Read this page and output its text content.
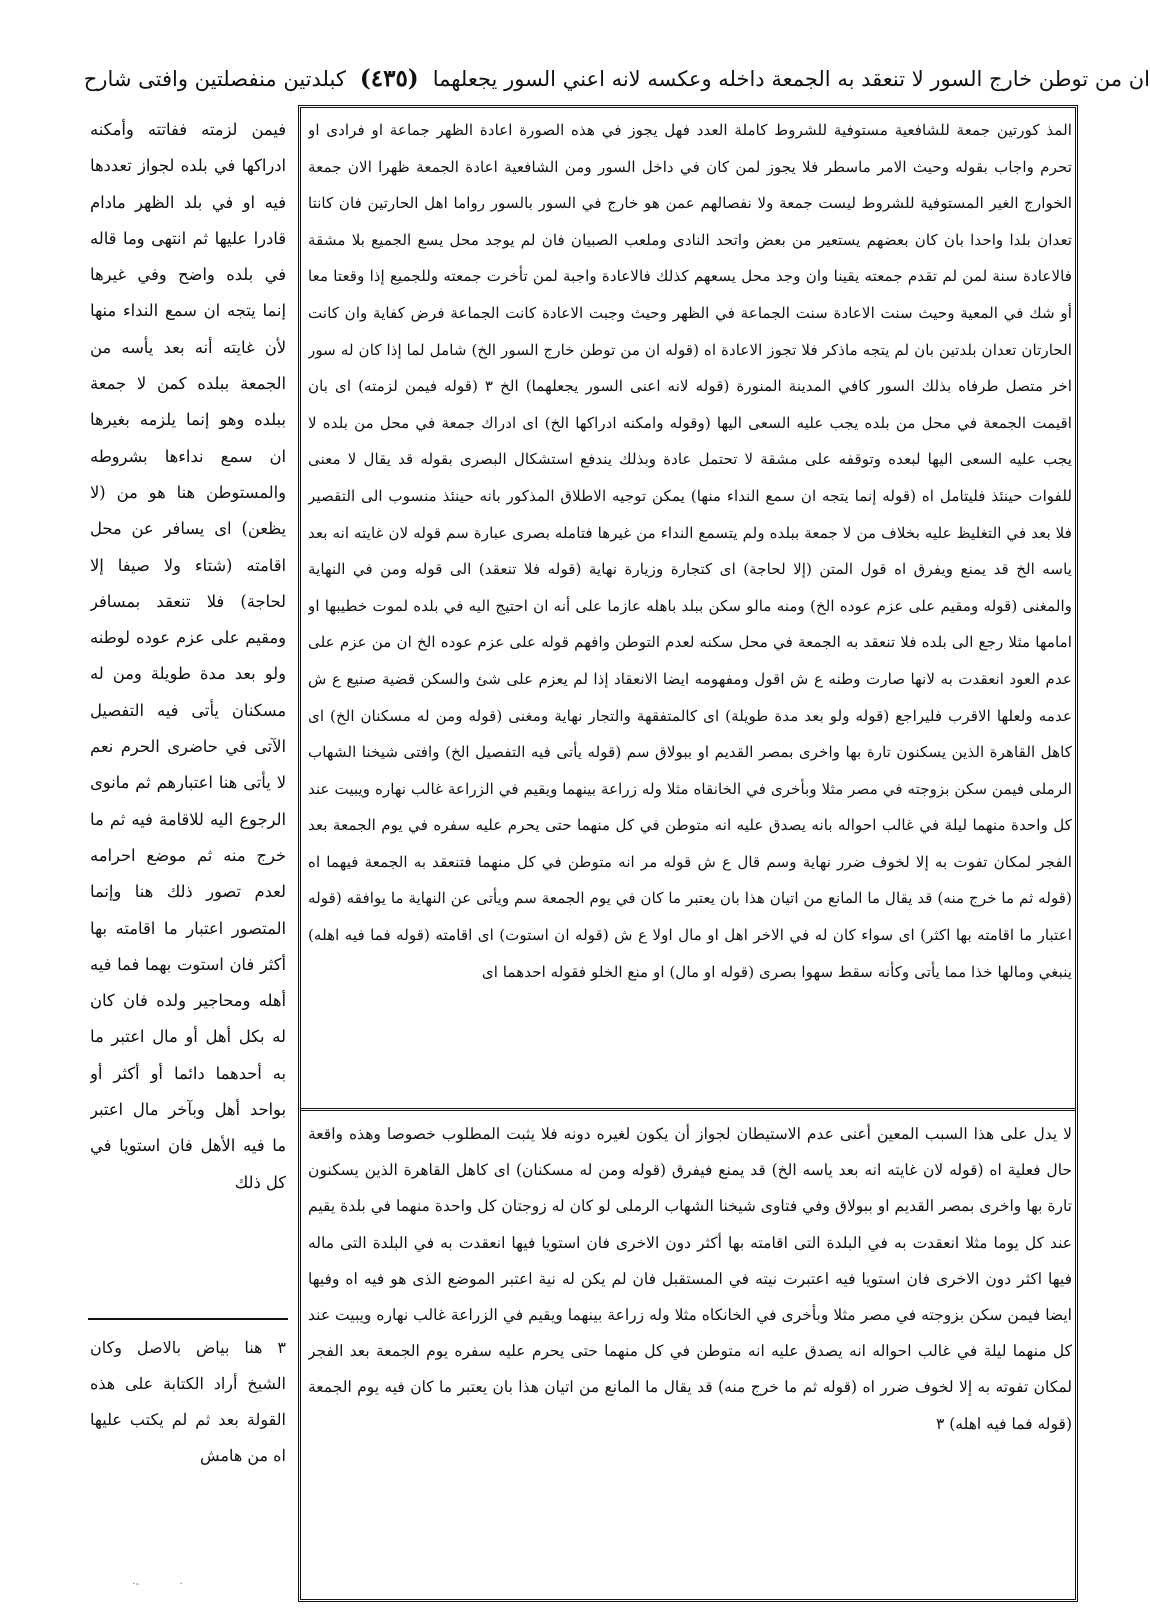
ان من توطن خارج السور لا تنعقد به الجمعة داخله وعكسه لانه اعني السور يجعلهما(٤٣٥)كبلدتين منفصلتين وافتى شارح
المذ كورتين جمعة للشافعية مستوفية للشروط كاملة العدد فهل يجوز في هذه الصورة اعادة الظهر جماعة او فرادى او تحرم واجاب بقوله وحيث الامر ماسطر فلا يجوز لمن كان في داخل السور ومن الشافعية اعادة الجمعة ظهرا الان جمعة الخوارج الغير المستوفية للشروط ليست جمعة ولا نفصالهم عمن هو خارج في السور بالسور رواما اهل الحارتين فان كانتا تعدان بلدا واحدا بان كان بعضهم يستعير من بعض واتحد النادى وملعب الصبيان فان لم يوجد محل يسع الجميع بلا مشقة فالاعادة سنة لمن لم تقدم جمعته يقينا وان وجد محل يسعهم كذلك فالاعادة واجبة لمن تأخرت جمعته وللجميع إذا وقعتا معا أو شك في المعية وحيث سنت الاعادة سنت الجماعة في الظهر وحيث وجبت الاعادة كانت الجماعة فرض كفاية وان كانت الحارتان تعدان بلدتين بان لم يتجه ماذكر فلا تجوز الاعادة اه (قوله ان من توطن خارج السور الخ) شامل لما إذا كان له سور اخر متصل طرفاه بذلك السور كافي المدينة المنورة (قوله لانه اعنى السور يجعلهما) الخ ٣ (قوله فيمن لزمته) اى بان اقيمت الجمعة في محل من بلده يجب عليه السعى اليها (وقوله وامكنه ادراكها الخ) اى ادراك جمعة في محل من بلده لا يجب عليه السعى اليها لبعده وتوقفه على مشقة لا تحتمل عادة وبذلك يندفع استشكال البصرى بقوله قد يقال لا معنى للفوات حينئذ فليتامل اه (قوله إنما يتجه ان سمع النداء منها) يمكن توجيه الاطلاق المذكور بانه حينئذ منسوب الى التقصير فلا بعد في التغليظ عليه بخلاف من لا جمعة ببلده ولم يتسمع النداء من غيرها فتامله بصرى عبارة سم قوله لان غايته انه بعد ياسه الخ قد يمنع ويفرق اه قول المتن (إلا لحاجة) اى كتجارة وزيارة نهاية (قوله فلا تنعقد) الى قوله ومن في النهاية والمغنى (قوله ومقيم على عزم عوده الخ) ومنه مالو سكن ببلد باهله عازما على أنه ان احتيج اليه في بلده لموت خطيبها او امامها مثلا رجع الى بلده فلا تنعقد به الجمعة في محل سكنه لعدم التوطن وافهم قوله على عزم عوده الخ ان من عزم على عدم العود انعقدت به لانها صارت وطنه ع ش اقول ومفهومه ايضا الانعقاد إذا لم يعزم على شئ والسكن قضية صنيع ع ش عدمه ولعلها الاقرب فليراجع (قوله ولو بعد مدة طويلة) اى كالمتفقهة والتجار نهاية ومغنى (قوله ومن له مسكنان الخ) اى كاهل القاهرة الذين يسكنون تارة بها واخرى بمصر القديم او ببولاق سم (قوله يأتى فيه التفصيل الخ) وافتى شيخنا الشهاب الرملى فيمن سكن بزوجته في مصر مثلا وبأخرى في الخانقاه مثلا وله زراعة بينهما ويقيم في الزراعة غالب نهاره ويبيت عند كل واحدة منهما ليلة في غالب احواله بانه يصدق عليه انه متوطن في كل منهما حتى يحرم عليه سفره في يوم الجمعة بعد الفجر لمكان تفوت به إلا لخوف ضرر نهاية وسم قال ع ش قوله مر انه متوطن في كل منهما فتنعقد به الجمعة فيهما اه (قوله ثم ما خرج منه) قد يقال ما المانع من اتيان هذا بان يعتبر ما كان في يوم الجمعة سم ويأتى عن النهاية ما يوافقه (قوله اعتبار ما اقامته بها اكثر) اى سواء كان له في الاخر اهل او مال اولا ع ش (قوله ان استوت) اى اقامته (قوله فما فيه اهله) ينبغي ومالها خذا مما يأتى وكأنه سقط سهوا بصرى (قوله او مال) او منع الخلو فقوله احدهما اى
لا يدل على هذا السبب المعين أعنى عدم الاستيطان لجواز أن يكون لغيره دونه فلا يثبت المطلوب خصوصا وهذه واقعة حال فعلية اه (قوله لان غايته انه بعد ياسه الخ) قد يمنع فيفرق (قوله ومن له مسكنان) اى كاهل القاهرة الذين يسكنون تارة بها واخرى بمصر القديم او ببولاق وفي فتاوى شيخنا الشهاب الرملى لو كان له زوجتان كل واحدة منهما في بلدة يقيم عند كل يوما مثلا انعقدت به في البلدة التى اقامته بها أكثر دون الاخرى فان استويا فيها انعقدت به في البلدة التى ماله فيها اكثر دون الاخرى فان استويا فيه اعتبرت نيته في المستقبل فان لم يكن له نية اعتبر الموضع الذى هو فيه اه وفيها ايضا فيمن سكن بزوجته في مصر مثلا وبأخرى في الخانكاه مثلا وله زراعة بينهما ويقيم في الزراعة غالب نهاره ويبيت عند كل منهما ليلة في غالب احواله انه يصدق عليه انه متوطن في كل منهما حتى يحرم عليه سفره يوم الجمعة بعد الفجر لمكان تفوته به إلا لخوف ضرر اه (قوله ثم ما خرج منه) قد يقال ما المانع من اتيان هذا بان يعتبر ما كان فيه يوم الجمعة (قوله فما فيه اهله) ٣
فيمن لزمته ففاتته وأمكنه ادراكها في بلده لجواز تعددها فيه او في بلد الظهر مادام قادرا عليها ثم انتهى وما قاله في بلده واضح وفي غيرها إنما يتجه ان سمع النداء منها لأن غايته أنه بعد يأسه من الجمعة ببلده كمن لا جمعة ببلده وهو إنما يلزمه بغيرها ان سمع نداءها بشروطه والمستوطن هنا هو من (لا يظعن) اى يسافر عن محل اقامته (شتاء ولا صيفا إلا لحاجة) فلا تنعقد بمسافر ومقيم على عزم عوده لوطنه ولو بعد مدة طويلة ومن له مسكنان يأتى فيه التفصيل الآتى في حاضرى الحرم نعم لا يأتى هنا اعتبارهم ثم مانوى الرجوع اليه للاقامة فيه ثم ما خرج منه ثم موضع احرامه لعدم تصور ذلك هنا وإنما المتصور اعتبار ما اقامته بها أكثر فان استوت بهما فما فيه أهله ومحاجير ولده فان كان له بكل أهل أو مال اعتبر ما به أحدهما دائما أو أكثر أو بواحد أهل وبآخر مال اعتبر ما فيه الأهل فان استويا في كل ذلك
٣ هنا بياض بالاصل وكان الشيخ أراد الكتابة على هذه القولة بعد ثم لم يكتب عليها اه من هامش
·-	·
